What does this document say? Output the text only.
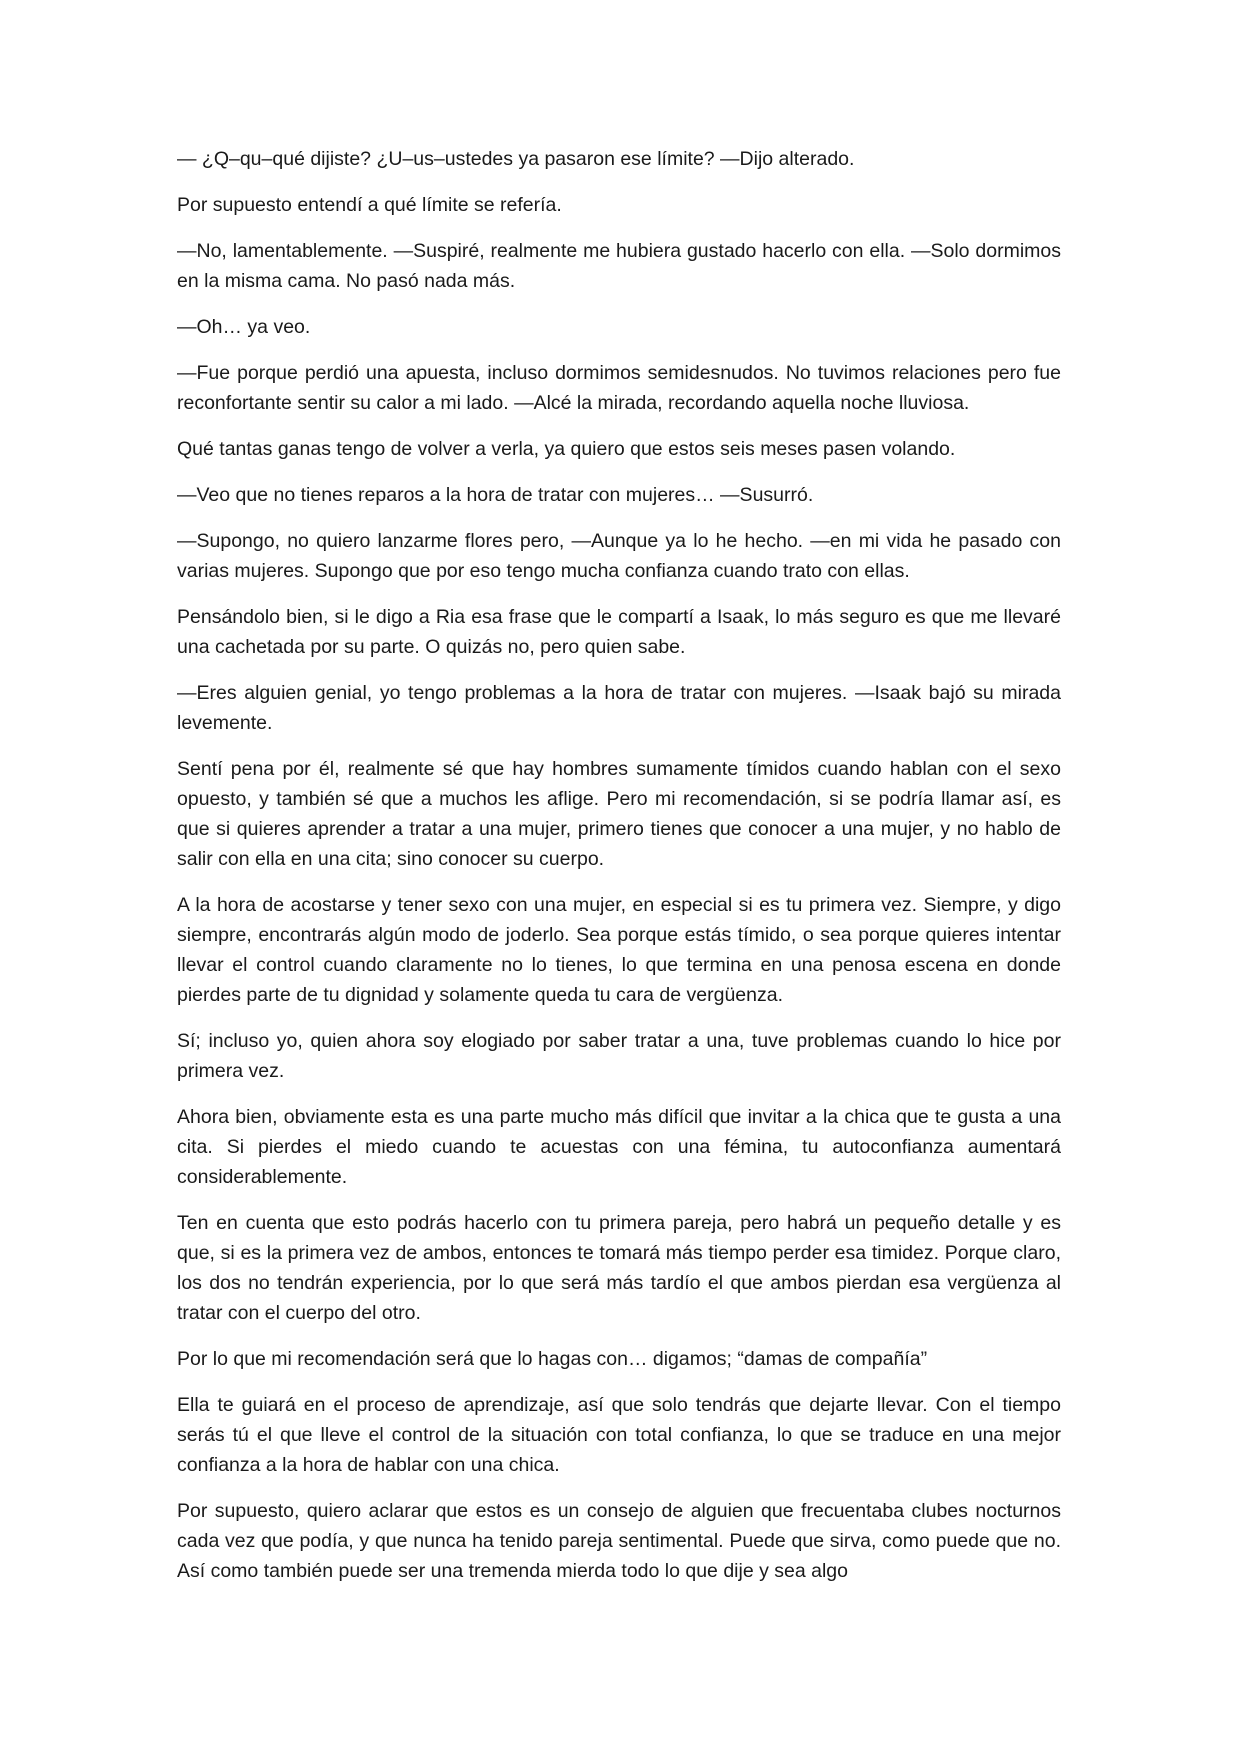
— ¿Q–qu–qué dijiste? ¿U–us–ustedes ya pasaron ese límite? —Dijo alterado.

Por supuesto entendí a qué límite se refería.

—No, lamentablemente. —Suspiré, realmente me hubiera gustado hacerlo con ella. —Solo dormimos en la misma cama. No pasó nada más.

—Oh… ya veo.

—Fue porque perdió una apuesta, incluso dormimos semidesnudos. No tuvimos relaciones pero fue reconfortante sentir su calor a mi lado. —Alcé la mirada, recordando aquella noche lluviosa.

Qué tantas ganas tengo de volver a verla, ya quiero que estos seis meses pasen volando.

—Veo que no tienes reparos a la hora de tratar con mujeres… —Susurró.

—Supongo, no quiero lanzarme flores pero, —Aunque ya lo he hecho. —en mi vida he pasado con varias mujeres. Supongo que por eso tengo mucha confianza cuando trato con ellas.

Pensándolo bien, si le digo a Ria esa frase que le compartí a Isaak, lo más seguro es que me llevaré una cachetada por su parte. O quizás no, pero quien sabe.

—Eres alguien genial, yo tengo problemas a la hora de tratar con mujeres. —Isaak bajó su mirada levemente.

Sentí pena por él, realmente sé que hay hombres sumamente tímidos cuando hablan con el sexo opuesto, y también sé que a muchos les aflige. Pero mi recomendación, si se podría llamar así, es que si quieres aprender a tratar a una mujer, primero tienes que conocer a una mujer, y no hablo de salir con ella en una cita; sino conocer su cuerpo.

A la hora de acostarse y tener sexo con una mujer, en especial si es tu primera vez. Siempre, y digo siempre, encontrarás algún modo de joderlo. Sea porque estás tímido, o sea porque quieres intentar llevar el control cuando claramente no lo tienes, lo que termina en una penosa escena en donde pierdes parte de tu dignidad y solamente queda tu cara de vergüenza.

Sí; incluso yo, quien ahora soy elogiado por saber tratar a una, tuve problemas cuando lo hice por primera vez.

Ahora bien, obviamente esta es una parte mucho más difícil que invitar a la chica que te gusta a una cita. Si pierdes el miedo cuando te acuestas con una fémina, tu autoconfianza aumentará considerablemente.

Ten en cuenta que esto podrás hacerlo con tu primera pareja, pero habrá un pequeño detalle y es que, si es la primera vez de ambos, entonces te tomará más tiempo perder esa timidez. Porque claro, los dos no tendrán experiencia, por lo que será más tardío el que ambos pierdan esa vergüenza al tratar con el cuerpo del otro.

Por lo que mi recomendación será que lo hagas con… digamos; “damas de compañía”

Ella te guiará en el proceso de aprendizaje, así que solo tendrás que dejarte llevar. Con el tiempo serás tú el que lleve el control de la situación con total confianza, lo que se traduce en una mejor confianza a la hora de hablar con una chica.

Por supuesto, quiero aclarar que estos es un consejo de alguien que frecuentaba clubes nocturnos cada vez que podía, y que nunca ha tenido pareja sentimental. Puede que sirva, como puede que no. Así como también puede ser una tremenda mierda todo lo que dije y sea algo
